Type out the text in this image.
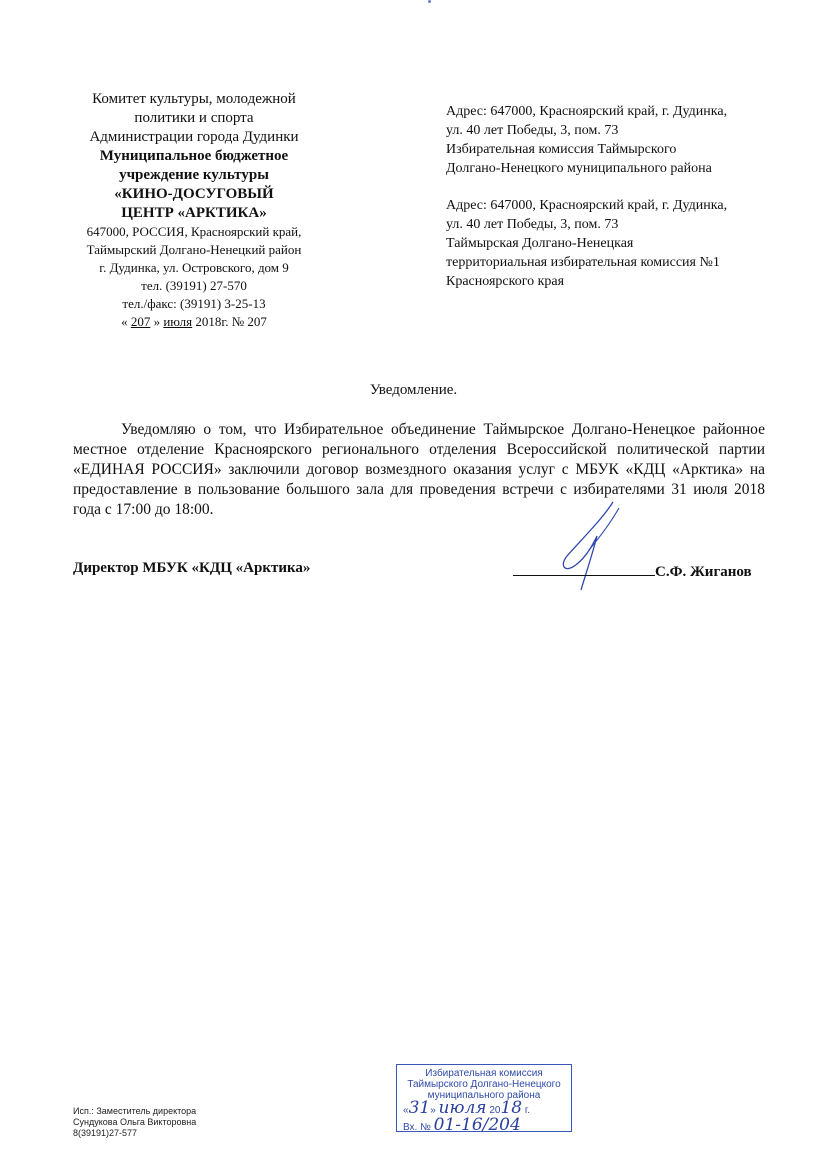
Комитет культуры, молодежной
политики и спорта
Администрации города Дудинки
Муниципальное бюджетное
учреждение культуры
«КИНО-ДОСУГОВЫЙ
ЦЕНТР «АРКТИКА»
647000, РОССИЯ, Красноярский край,
Таймырский Долгано-Ненецкий район
г. Дудинка, ул. Островского, дом 9
тел. (39191) 27-570
тел./факс: (39191) 3-25-13
« 207 » июля 2018г. № 207
Адрес: 647000, Красноярский край, г. Дудинка,
ул. 40 лет Победы, 3, пом. 73
Избирательная комиссия Таймырского
Долгано-Ненецкого муниципального района
Адрес: 647000, Красноярский край, г. Дудинка,
ул. 40 лет Победы, 3, пом. 73
Таймырская Долгано-Ненецкая
территориальная избирательная комиссия №1
Красноярского края
Уведомление.
Уведомляю о том, что Избирательное объединение Таймырское Долгано-Ненецкое районное местное отделение Красноярского регионального отделения Всероссийской политической партии «ЕДИНАЯ РОССИЯ» заключили договор возмездного оказания услуг с МБУК «КДЦ «Арктика» на предоставление в пользование большого зала для проведения встречи с избирателями 31 июля 2018 года с 17:00 до 18:00.
Директор МБУК «КДЦ «Арктика»	С.Ф. Жиганов
Исп.: Заместитель директора
Сундукова Ольга Викторовна
8(39191)27-577
Избирательная комиссия
Таймырского Долгано-Ненецкого
муниципального района
«31» июля 2018 г.
Вх. № 01-16/204
